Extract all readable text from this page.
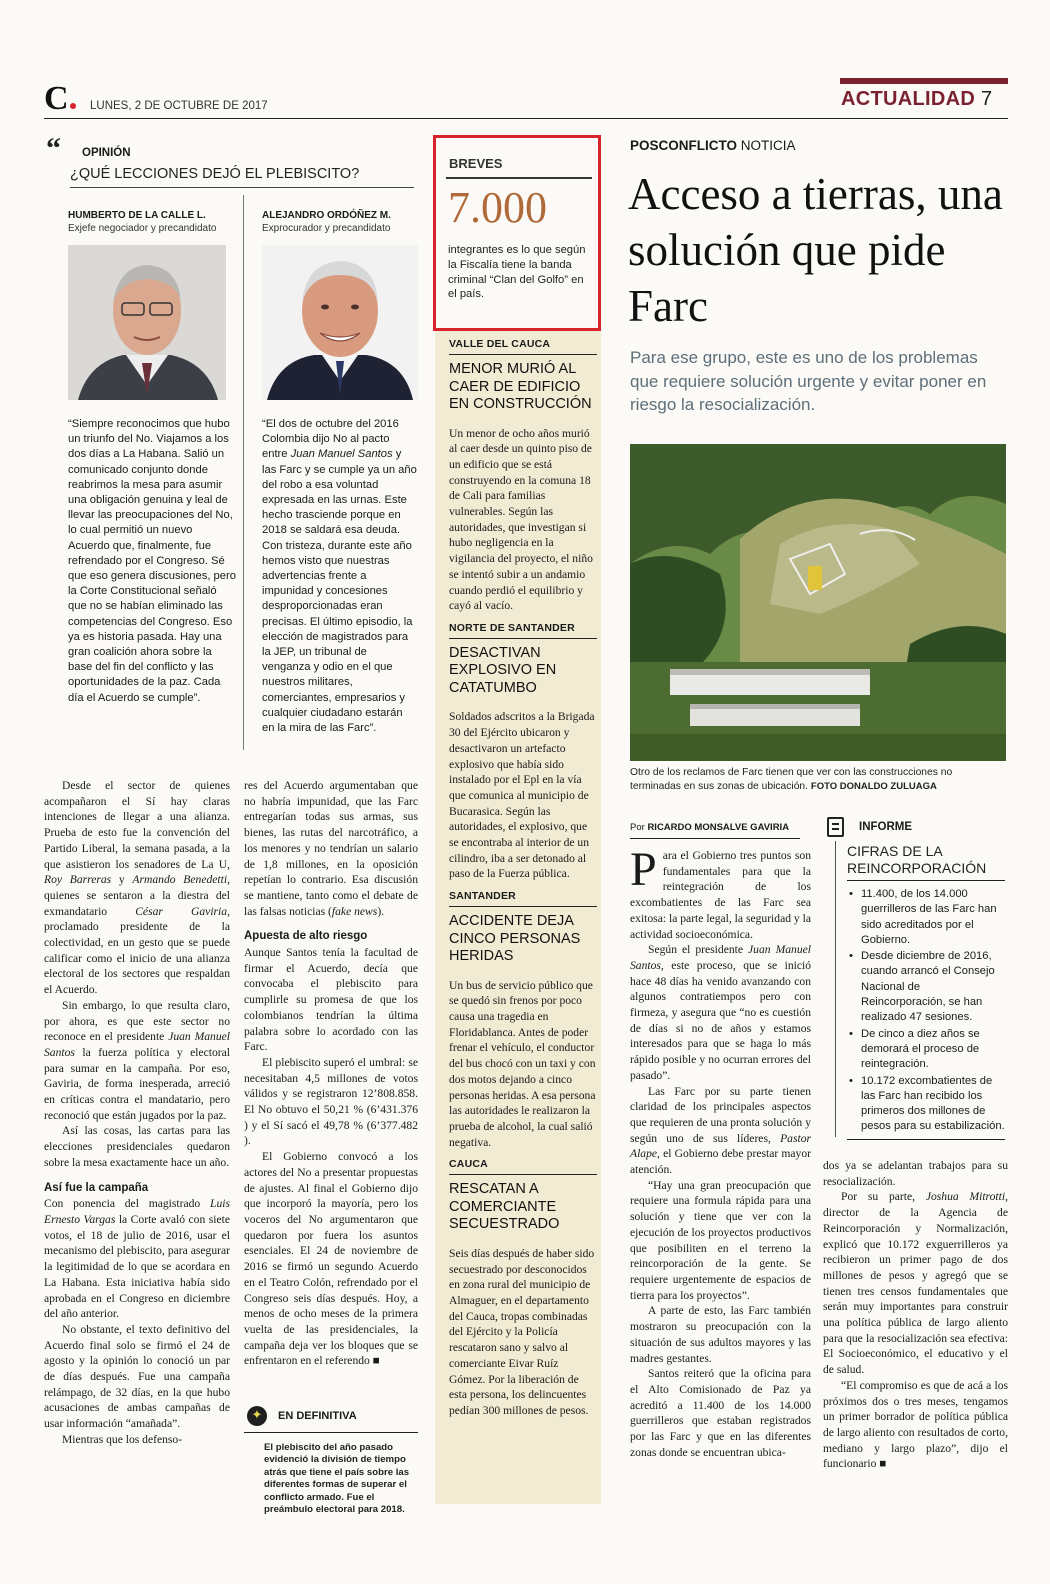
C	LUNES, 2 DE OCTUBRE DE 2017	ACTUALIDAD 7
“ OPINIÓN
¿QUÉ LECCIONES DEJÓ EL PLEBISCITO?
HUMBERTO DE LA CALLE L.
Exjefe negociador y precandidato
“Siempre reconocimos que hubo un triunfo del No. Viajamos a los dos días a La Habana. Salió un comunicado conjunto donde reabrimos la mesa para asumir una obligación genuina y leal de llevar las preocupaciones del No, lo cual permitió un nuevo Acuerdo que, finalmente, fue refrendado por el Congreso. Sé que eso genera discusiones, pero la Corte Constitucional señaló que no se habían eliminado las competencias del Congreso. Eso ya es historia pasada. Hay una gran coalición ahora sobre la base del fin del conflicto y las oportunidades de la paz. Cada día el Acuerdo se cumple”.
ALEJANDRO ORDÓÑEZ M.
Exprocurador y precandidato
“El dos de octubre del 2016 Colombia dijo No al pacto entre Juan Manuel Santos y las Farc y se cumple ya un año del robo a esa voluntad expresada en las urnas. Este hecho trasciende porque en 2018 se saldará esa deuda. Con tristeza, durante este año hemos visto que nuestras advertencias frente a impunidad y concesiones desproporcionadas eran precisas. El último episodio, la elección de magistrados para la JEP, un tribunal de venganza y odio en el que nuestros militares, comerciantes, empresarios y cualquier ciudadano estarán en la mira de las Farc”.

Desde el sector de quienes acompañaron el Sí hay claras intenciones de llegar a una alianza. Prueba de esto fue la convención del Partido Liberal, la semana pasada, a la que asistieron los senadores de La U, Roy Barreras y Armando Benedetti, quienes se sentaron a la diestra del exmandatario César Gaviria, proclamado presidente de la colectividad, en un gesto que se puede calificar como el inicio de una alianza electoral de los sectores que respaldan el Acuerdo.

Sin embargo, lo que resulta claro, por ahora, es que este sector no reconoce en el presidente Juan Manuel Santos la fuerza política y electoral para sumar en la campaña. Por eso, Gaviria, de forma inesperada, arreció en críticas contra el mandatario, pero reconoció que están jugados por la paz.

Así las cosas, las cartas para las elecciones presidenciales quedaron sobre la mesa exactamente hace un año.

Así fue la campaña

Con ponencia del magistrado Luis Ernesto Vargas la Corte avaló con siete votos, el 18 de julio de 2016, usar el mecanismo del plebiscito, para asegurar la legitimidad de lo que se acordara en La Habana. Esta iniciativa había sido aprobada en el Congreso en diciembre del año anterior.

No obstante, el texto definitivo del Acuerdo final solo se firmó el 24 de agosto y la opinión lo conoció un par de días después. Fue una campaña relámpago, de 32 días, en la que hubo acusaciones de ambas campañas de usar información “amañada”.

Mientras que los defenso-

res del Acuerdo argumentaban que no habría impunidad, que las Farc entregarían todas sus armas, sus bienes, las rutas del narcotráfico, a los menores y no tendrían un salario de 1,8 millones, en la oposición repetían lo contrario. Esa discusión se mantiene, tanto como el debate de las falsas noticias (fake news).

Apuesta de alto riesgo

Aunque Santos tenía la facultad de firmar el Acuerdo, decía que convocaba el plebiscito para cumplirle su promesa de que los colombianos tendrían la última palabra sobre lo acordado con las Farc.

El plebiscito superó el umbral: se necesitaban 4,5 millones de votos válidos y se registraron 12’808.858. El No obtuvo el 50,21 % (6’431.376 ) y el Sí sacó el 49,78 % (6’377.482 ).

El Gobierno convocó a los actores del No a presentar propuestas de ajustes. Al final el Gobierno dijo que incorporó la mayoría, pero los voceros del No argumentaron que quedaron por fuera los asuntos esenciales. El 24 de noviembre de 2016 se firmó un segundo Acuerdo en el Teatro Colón, refrendado por el Congreso seis días después. Hoy, a menos de ocho meses de la primera vuelta de las presidenciales, la campaña deja ver los bloques que se enfrentaron en el referendo ■

✦	EN DEFINITIVA
El plebiscito del año pasado evidenció la división de tiempo atrás que tiene el país sobre las diferentes formas de superar el conflicto armado. Fue el preámbulo electoral para 2018.
BREVES
7.000
integrantes es lo que según la Fiscalía tiene la banda criminal “Clan del Golfo” en el país.
VALLE DEL CAUCA
MENOR MURIÓ AL CAER DE EDIFICIO EN CONSTRUCCIÓN
Un menor de ocho años murió al caer desde un quinto piso de un edificio que se está construyendo en la comuna 18 de Cali para familias vulnerables. Según las autoridades, que investigan si hubo negligencia en la vigilancia del proyecto, el niño se intentó subir a un andamio cuando perdió el equilibrio y cayó al vacío.
NORTE DE SANTANDER
DESACTIVAN EXPLOSIVO EN CATATUMBO
Soldados adscritos a la Brigada 30 del Ejército ubicaron y desactivaron un artefacto explosivo que había sido instalado por el Epl en la vía que comunica al municipio de Bucarasica. Según las autoridades, el explosivo, que se encontraba al interior de un cilindro, iba a ser detonado al paso de la Fuerza pública.
SANTANDER
ACCIDENTE DEJA CINCO PERSONAS HERIDAS
Un bus de servicio público que se quedó sin frenos por poco causa una tragedia en Floridablanca. Antes de poder frenar el vehículo, el conductor del bus chocó con un taxi y con dos motos dejando a cinco personas heridas. A esa persona las autoridades le realizaron la prueba de alcohol, la cual salió negativa.
CAUCA
RESCATAN A COMERCIANTE SECUESTRADO
Seis días después de haber sido secuestrado por desconocidos en zona rural del municipio de Almaguer, en el departamento del Cauca, tropas combinadas del Ejército y la Policía rescataron sano y salvo al comerciante Eivar Ruíz Gómez. Por la liberación de esta persona, los delincuentes pedían 300 millones de pesos.
POSCONFLICTO NOTICIA
Acceso a tierras, una solución que pide Farc
Para ese grupo, este es uno de los problemas que requiere solución urgente y evitar poner en riesgo la resocialización.
Otro de los reclamos de Farc tienen que ver con las construcciones no terminadas en sus zonas de ubicación. FOTO DONALDO ZULUAGA
Por RICARDO MONSALVE GAVIRIA

Para el Gobierno tres puntos son fundamentales para que la reintegración de los excombatientes de las Farc sea exitosa: la parte legal, la seguridad y la actividad socioeconómica.

Según el presidente Juan Manuel Santos, este proceso, que se inició hace 48 días ha venido avanzando con algunos contratiempos pero con firmeza, y asegura que “no es cuestión de días si no de años y estamos interesados para que se haga lo más rápido posible y no ocurran errores del pasado”.

Las Farc por su parte tienen claridad de los principales aspectos que requieren de una pronta solución y según uno de sus líderes, Pastor Alape, el Gobierno debe prestar mayor atención.

“Hay una gran preocupación que requiere una formula rápida para una solución y tiene que ver con la ejecución de los proyectos productivos que posibiliten en el terreno la reincorporación de la gente. Se requiere urgentemente de espacios de tierra para los proyectos”.

A parte de esto, las Farc también mostraron su preocupación con la situación de sus adultos mayores y las madres gestantes.

Santos reiteró que la oficina para el Alto Comisionado de Paz ya acreditó a 11.400 de los 14.000 guerrilleros que estaban registrados por las Farc y que en las diferentes zonas donde se encuentran ubica-

INFORME
CIFRAS DE LA REINCORPORACIÓN
• 11.400, de los 14.000 guerrilleros de las Farc han sido acreditados por el Gobierno.
• Desde diciembre de 2016, cuando arrancó el Consejo Nacional de Reincorporación, se han realizado 47 sesiones.
• De cinco a diez años se demorará el proceso de reintegración.
• 10.172 excombatientes de las Farc han recibido los primeros dos millones de pesos para su estabilización.

dos ya se adelantan trabajos para su resocialización.

Por su parte, Joshua Mitrotti, director de la Agencia de Reincorporación y Normalización, explicó que 10.172 exguerrilleros ya recibieron un primer pago de dos millones de pesos y agregó que se tienen tres censos fundamentales que serán muy importantes para construir una política pública de largo aliento para que la resocialización sea efectiva: El Socioeconómico, el educativo y el de salud.

“El compromiso es que de acá a los próximos dos o tres meses, tengamos un primer borrador de política pública de largo aliento con resultados de corto, mediano y largo plazo”, dijo el funcionario ■
